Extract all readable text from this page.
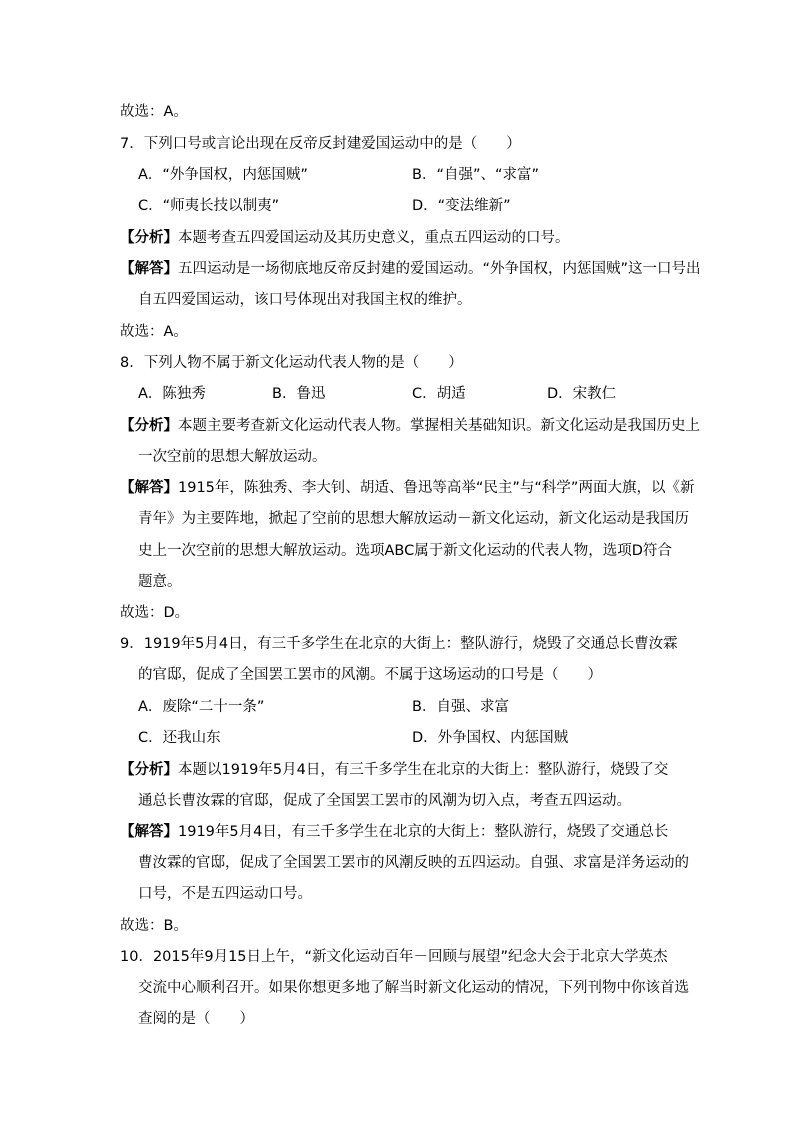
故选：A。
7．下列口号或言论出现在反帝反封建爱国运动中的是（　　）
A．“外争国权，内惩国贼”	B．“自强”、“求富”
C．“师夷长技以制夷”	D．“变法维新”
【分析】本题考查五四爱国运动及其历史意义，重点五四运动的口号。
【解答】五四运动是一场彻底地反帝反封建的爱国运动。“外争国权，内惩国贼”这一口号出
自五四爱国运动，该口号体现出对我国主权的维护。
故选：A。
8．下列人物不属于新文化运动代表人物的是（　　）
A．陈独秀	B．鲁迅	C．胡适	D．宋教仁
【分析】本题主要考查新文化运动代表人物。掌握相关基础知识。新文化运动是我国历史上
一次空前的思想大解放运动。
【解答】1915年，陈独秀、李大钊、胡适、鲁迅等高举“民主”与“科学”两面大旗，以《新
青年》为主要阵地，掀起了空前的思想大解放运动－新文化运动，新文化运动是我国历
史上一次空前的思想大解放运动。选项ABC属于新文化运动的代表人物，选项D符合
题意。
故选：D。
9．1919年5月4日，有三千多学生在北京的大街上：整队游行，烧毁了交通总长曹汝霖
的官邸，促成了全国罢工罢市的风潮。不属于这场运动的口号是（　　）
A．废除“二十一条”	B．自强、求富
C．还我山东	D．外争国权、内惩国贼
【分析】本题以1919年5月4日，有三千多学生在北京的大街上：整队游行，烧毁了交
通总长曹汝霖的官邸，促成了全国罢工罢市的风潮为切入点，考查五四运动。
【解答】1919年5月4日，有三千多学生在北京的大街上：整队游行，烧毁了交通总长
曹汝霖的官邸，促成了全国罢工罢市的风潮反映的五四运动。自强、求富是洋务运动的
口号，不是五四运动口号。
故选：B。
10．2015年9月15日上午，“新文化运动百年－回顾与展望”纪念大会于北京大学英杰
交流中心顺利召开。如果你想更多地了解当时新文化运动的情况，下列刊物中你该首选
查阅的是（　　）
